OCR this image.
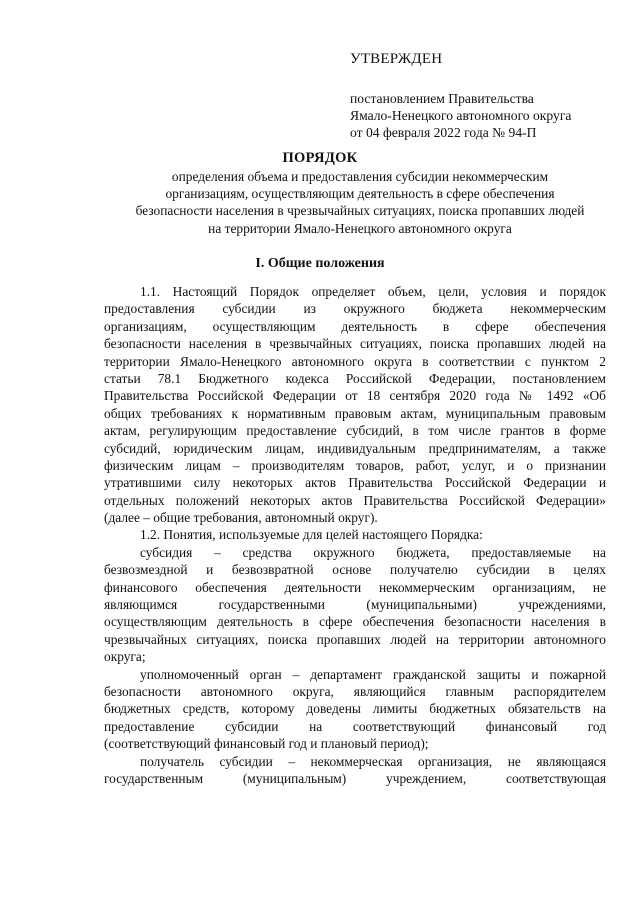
УТВЕРЖДЕН
постановлением Правительства
Ямало-Ненецкого автономного округа
от 04 февраля 2022 года № 94-П
ПОРЯДОК
определения объема и предоставления субсидии некоммерческим
организациям, осуществляющим деятельность в сфере обеспечения
безопасности населения в чрезвычайных ситуациях, поиска пропавших людей
на территории Ямало-Ненецкого автономного округа
I. Общие положения
1.1. Настоящий Порядок определяет объем, цели, условия и порядок
предоставления субсидии из окружного бюджета некоммерческим
организациям, осуществляющим деятельность в сфере обеспечения
безопасности населения в чрезвычайных ситуациях, поиска пропавших людей на
территории Ямало-Ненецкого автономного округа в соответствии с пунктом 2
статьи 78.1 Бюджетного кодекса Российской Федерации, постановлением
Правительства Российской Федерации от 18 сентября 2020 года № 1492 «Об
общих требованиях к нормативным правовым актам, муниципальным правовым
актам, регулирующим предоставление субсидий, в том числе грантов в форме
субсидий, юридическим лицам, индивидуальным предпринимателям, а также
физическим лицам – производителям товаров, работ, услуг, и о признании
утратившими силу некоторых актов Правительства Российской Федерации и
отдельных положений некоторых актов Правительства Российской Федерации»
(далее – общие требования, автономный округ).
1.2. Понятия, используемые для целей настоящего Порядка:
субсидия – средства окружного бюджета, предоставляемые на
безвозмездной и безвозвратной основе получателю субсидии в целях
финансового обеспечения деятельности некоммерческим организациям, не
являющимся государственными (муниципальными) учреждениями,
осуществляющим деятельность в сфере обеспечения безопасности населения в
чрезвычайных ситуациях, поиска пропавших людей на территории автономного
округа;
уполномоченный орган – департамент гражданской защиты и пожарной
безопасности автономного округа, являющийся главным распорядителем
бюджетных средств, которому доведены лимиты бюджетных обязательств на
предоставление субсидии на соответствующий финансовый год
(соответствующий финансовый год и плановый период);
получатель субсидии – некоммерческая организация, не являющаяся
государственным (муниципальным) учреждением, соответствующая
